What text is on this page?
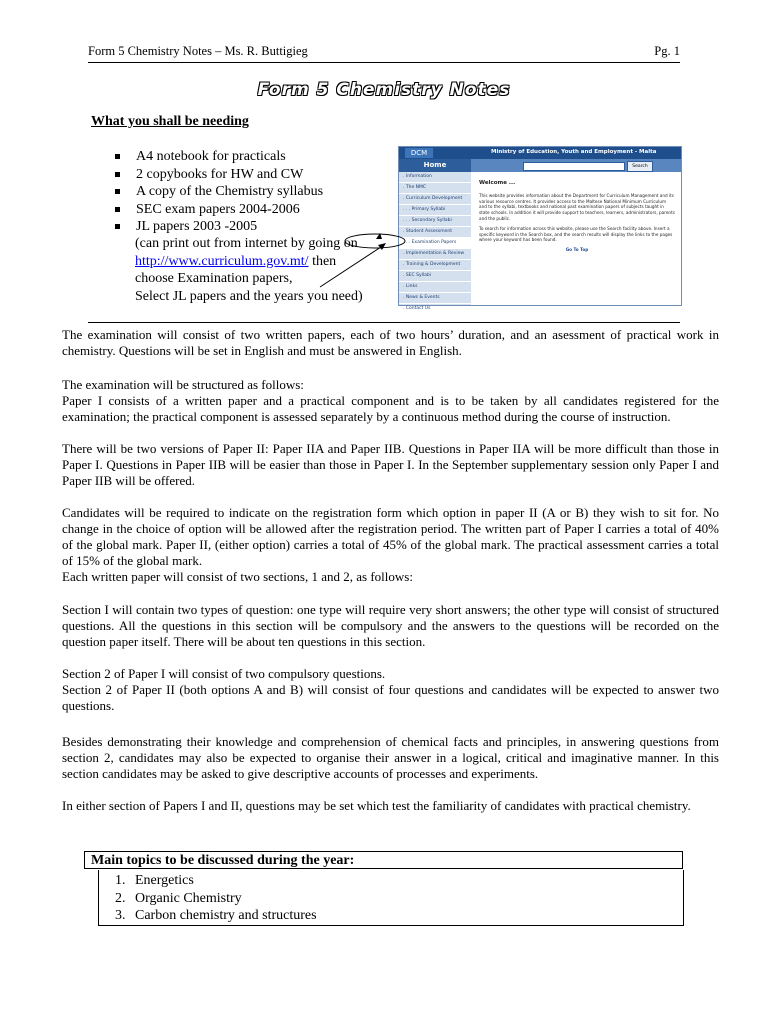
Form 5 Chemistry Notes – Ms. R. Buttigieg	Pg. 1
Form 5 Chemistry Notes
What you shall be needing
A4 notebook for practicals
2 copybooks for HW and CW
A copy of the Chemistry syllabus
SEC exam papers 2004-2006
JL papers 2003 -2005
(can print out from internet by going on
http://www.curriculum.gov.mt/ then
choose Examination papers,
Select JL papers and the years you need)
DCM	Ministry of Education, Youth and Employment - Malta
Home	Search
. Information
. The NMC
. Curriculum Development
. . . Primary Syllabi
. . . Secondary Syllabi
. Student Assessment
. . . Examination Papers
. Implementation & Review
. Training & Development
. SEC Syllabi
. Links
. News & Events
. Contact Us
Welcome ...
This website provides information about the Department for Curriculum Management and its various resource centres. It provides access to the Maltese National Minimum Curriculum and to the syllabi, textbooks and national past examination papers of subjects taught in state schools. In addition it will provide support to teachers, learners, administrators, parents and the public.
To search for information across this website, please use the Search facility above. Insert a specific keyword in the Search box, and the search results will display the links to the pages where your keyword has been found.
Go To Top

The examination will consist of two written papers, each of two hours’ duration, and an asessment of practical work in chemistry. Questions will be set in English and must be answered in English.

The examination will be structured as follows:

Paper I consists of a written paper and a practical component and is to be taken by all candidates registered for the examination; the practical component is assessed separately by a continuous method during the course of instruction.

There will be two versions of Paper II: Paper IIA and Paper IIB. Questions in Paper IIA will be more difficult than those in Paper I. Questions in Paper IIB will be easier than those in Paper I. In the September supplementary session only Paper I and Paper IIB will be offered.

Candidates will be required to indicate on the registration form which option in paper II (A or B) they wish to sit for. No change in the choice of option will be allowed after the registration period. The written part of Paper I carries a total of 40% of the global mark. Paper II, (either option) carries a total of 45% of the global mark. The practical assessment carries a total of 15% of the global mark.

Each written paper will consist of two sections, 1 and 2, as follows:

Section I will contain two types of question: one type will require very short answers; the other type will consist of structured questions. All the questions in this section will be compulsory and the answers to the questions will be recorded on the question paper itself. There will be about ten questions in this section.

Section 2 of Paper I will consist of two compulsory questions.

Section 2 of Paper II (both options A and B) will consist of four questions and candidates will be expected to answer two questions.

Besides demonstrating their knowledge and comprehension of chemical facts and principles, in answering questions from section 2, candidates may also be expected to organise their answer in a logical, critical and imaginative manner. In this section candidates may be asked to give descriptive accounts of processes and experiments.

In either section of Papers I and II, questions may be set which test the familiarity of candidates with practical chemistry.

Main topics to be discussed during the year:
1. Energetics
2. Organic Chemistry
3. Carbon chemistry and structures
